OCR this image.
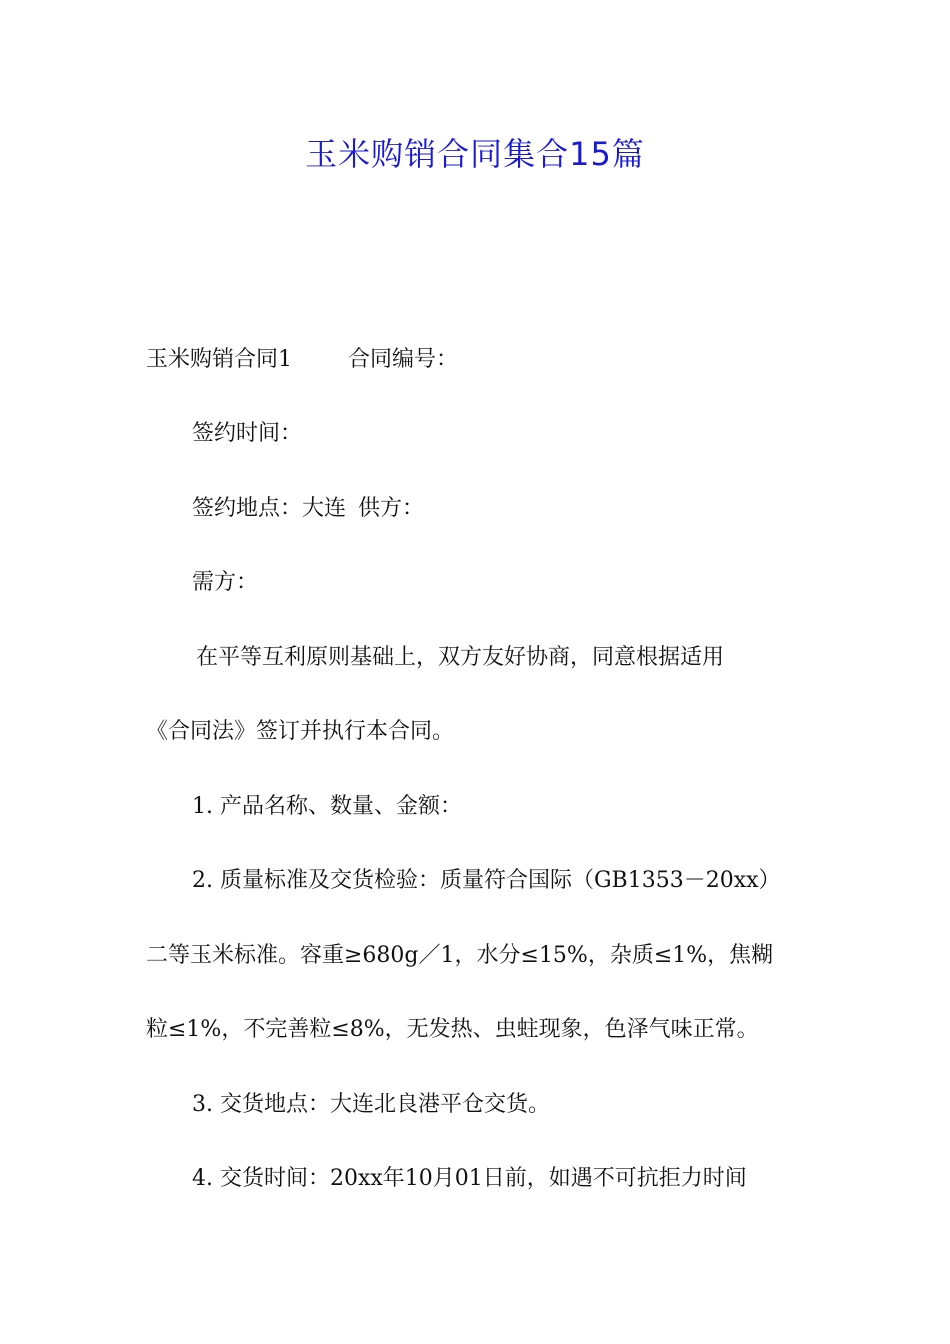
玉米购销合同集合15篇
玉米购销合同1	合同编号：
签约时间：
签约地点：大连 供方：
需方：
在平等互利原则基础上，双方友好协商，同意根据适用
《合同法》签订并执行本合同。
1. 产品名称、数量、金额：
2. 质量标准及交货检验：质量符合国际（GB1353－20xx）
二等玉米标准。容重≥680g／1，水分≤15%，杂质≤1%，焦糊
粒≤1%，不完善粒≤8%，无发热、虫蛀现象，色泽气味正常。
3. 交货地点：大连北良港平仓交货。
4. 交货时间：20xx年10月01日前，如遇不可抗拒力时间
